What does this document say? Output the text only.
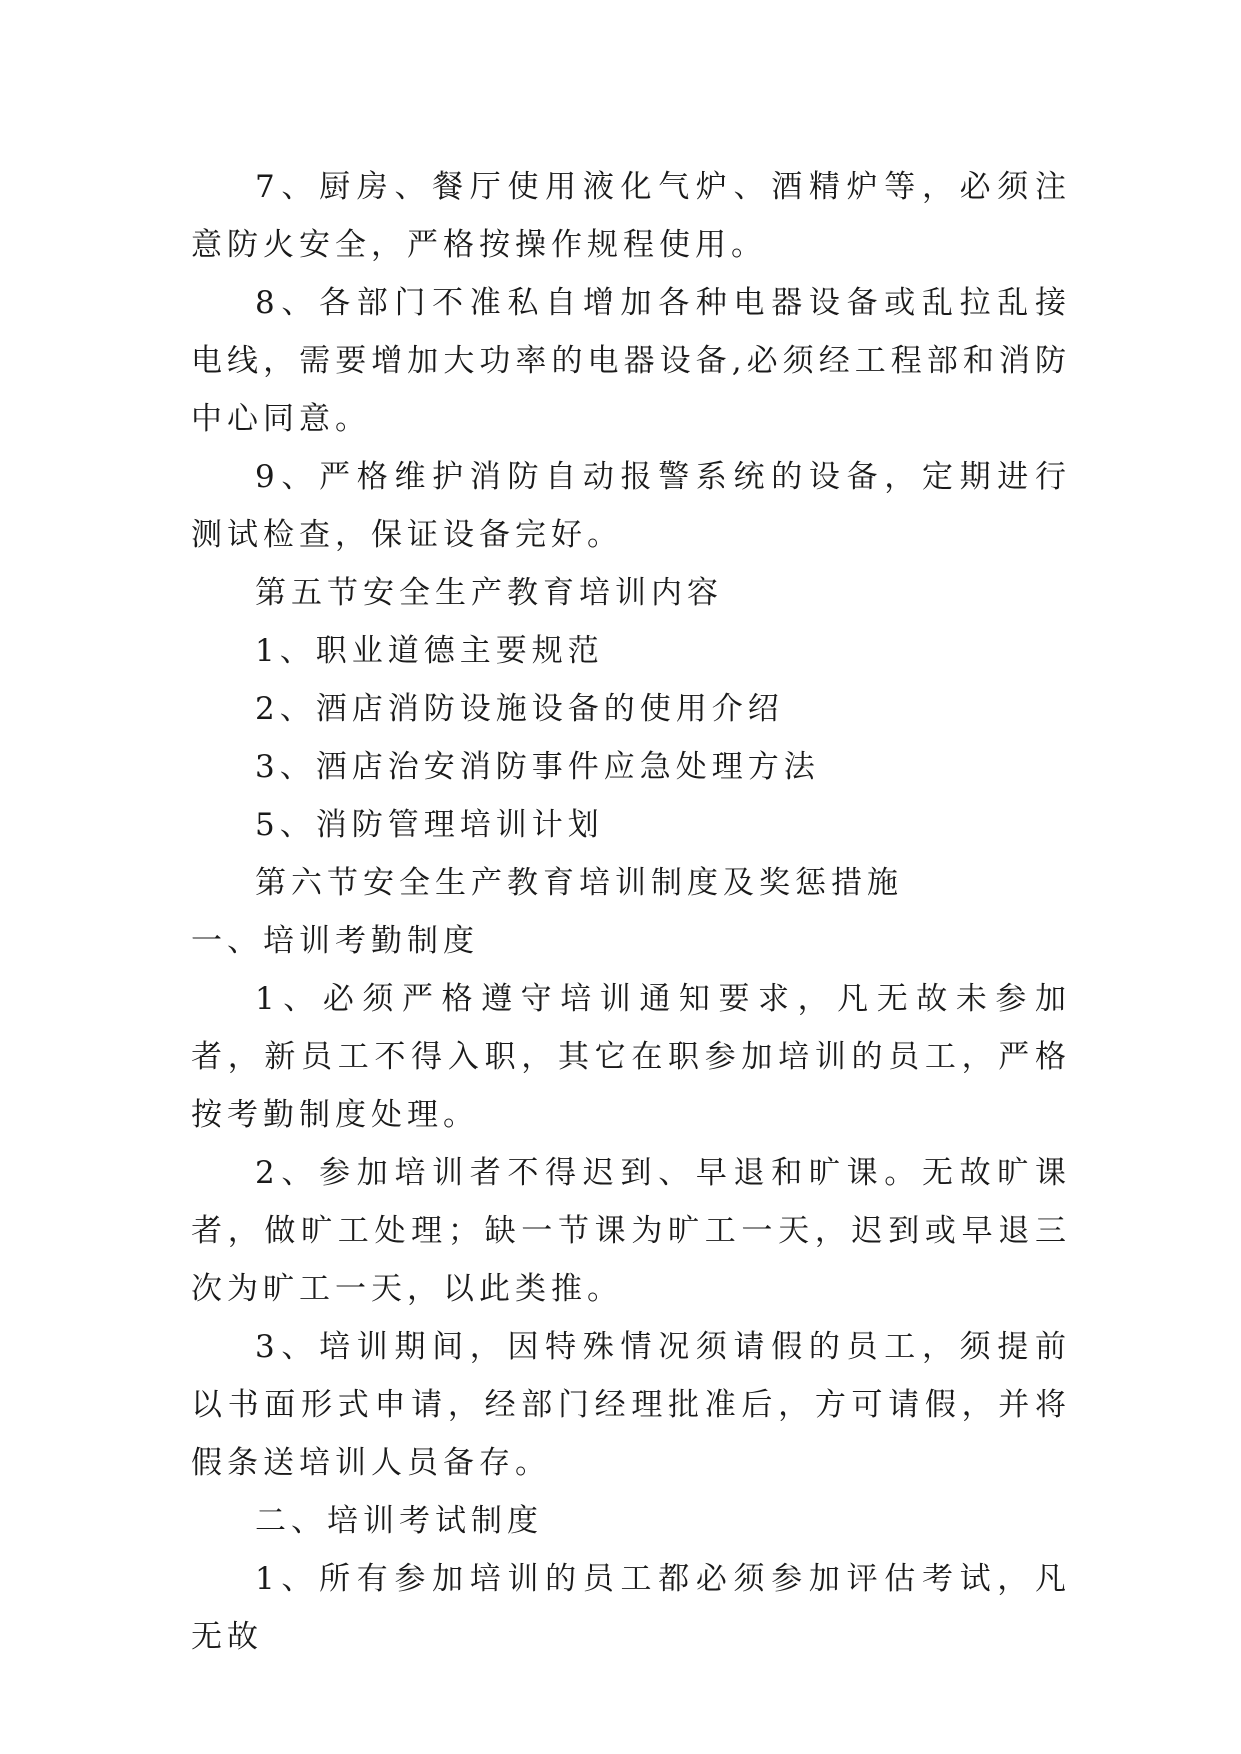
7、厨房、餐厅使用液化气炉、酒精炉等，必须注意防火安全，严格按操作规程使用。

8、各部门不准私自增加各种电器设备或乱拉乱接电线，需要增加大功率的电器设备,必须经工程部和消防中心同意。

9、严格维护消防自动报警系统的设备，定期进行测试检查，保证设备完好。

第五节安全生产教育培训内容

1、职业道德主要规范

2、酒店消防设施设备的使用介绍

3、酒店治安消防事件应急处理方法

5、消防管理培训计划

第六节安全生产教育培训制度及奖惩措施

一、培训考勤制度

1、必须严格遵守培训通知要求，凡无故未参加者，新员工不得入职，其它在职参加培训的员工，严格按考勤制度处理。

2、参加培训者不得迟到、早退和旷课。无故旷课者，做旷工处理；缺一节课为旷工一天，迟到或早退三次为旷工一天，以此类推。

3、培训期间，因特殊情况须请假的员工，须提前以书面形式申请，经部门经理批准后，方可请假，并将假条送培训人员备存。

二、培训考试制度

1、所有参加培训的员工都必须参加评估考试，凡无故
